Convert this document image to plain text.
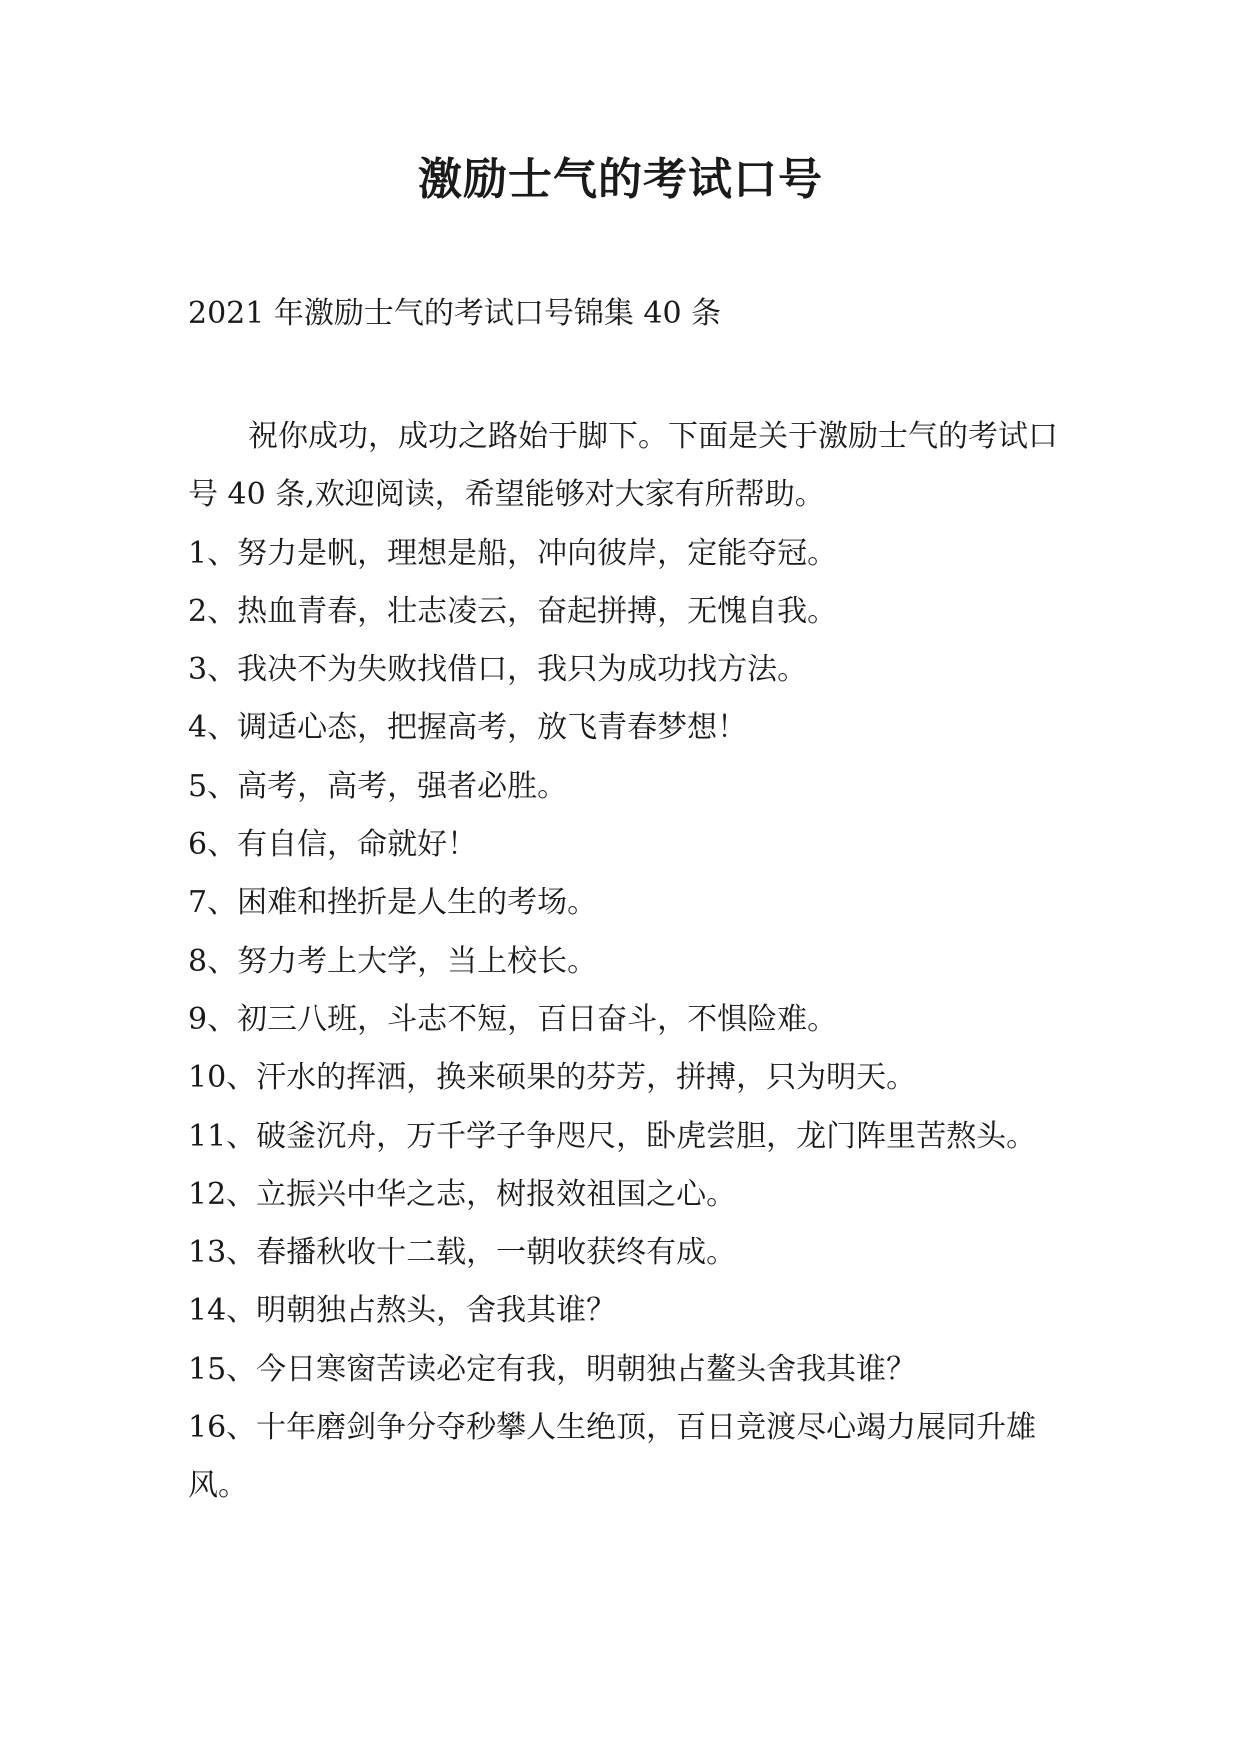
激励士气的考试口号

2021 年激励士气的考试口号锦集 40 条

祝你成功，成功之路始于脚下。下面是关于激励士气的考试口号 40 条,欢迎阅读，希望能够对大家有所帮助。

1、努力是帆，理想是船，冲向彼岸，定能夺冠。

2、热血青春，壮志凌云，奋起拼搏，无愧自我。

3、我决不为失败找借口，我只为成功找方法。

4、调适心态，把握高考，放飞青春梦想！

5、高考，高考，强者必胜。

6、有自信，命就好！

7、困难和挫折是人生的考场。

8、努力考上大学，当上校长。

9、初三八班，斗志不短，百日奋斗，不惧险难。

10、汗水的挥洒，换来硕果的芬芳，拼搏，只为明天。

11、破釜沉舟，万千学子争咫尺，卧虎尝胆，龙门阵里苦熬头。

12、立振兴中华之志，树报效祖国之心。

13、春播秋收十二载，一朝收获终有成。

14、明朝独占熬头，舍我其谁？

15、今日寒窗苦读必定有我，明朝独占鳌头舍我其谁？

16、十年磨剑争分夺秒攀人生绝顶，百日竞渡尽心竭力展同升雄风。
